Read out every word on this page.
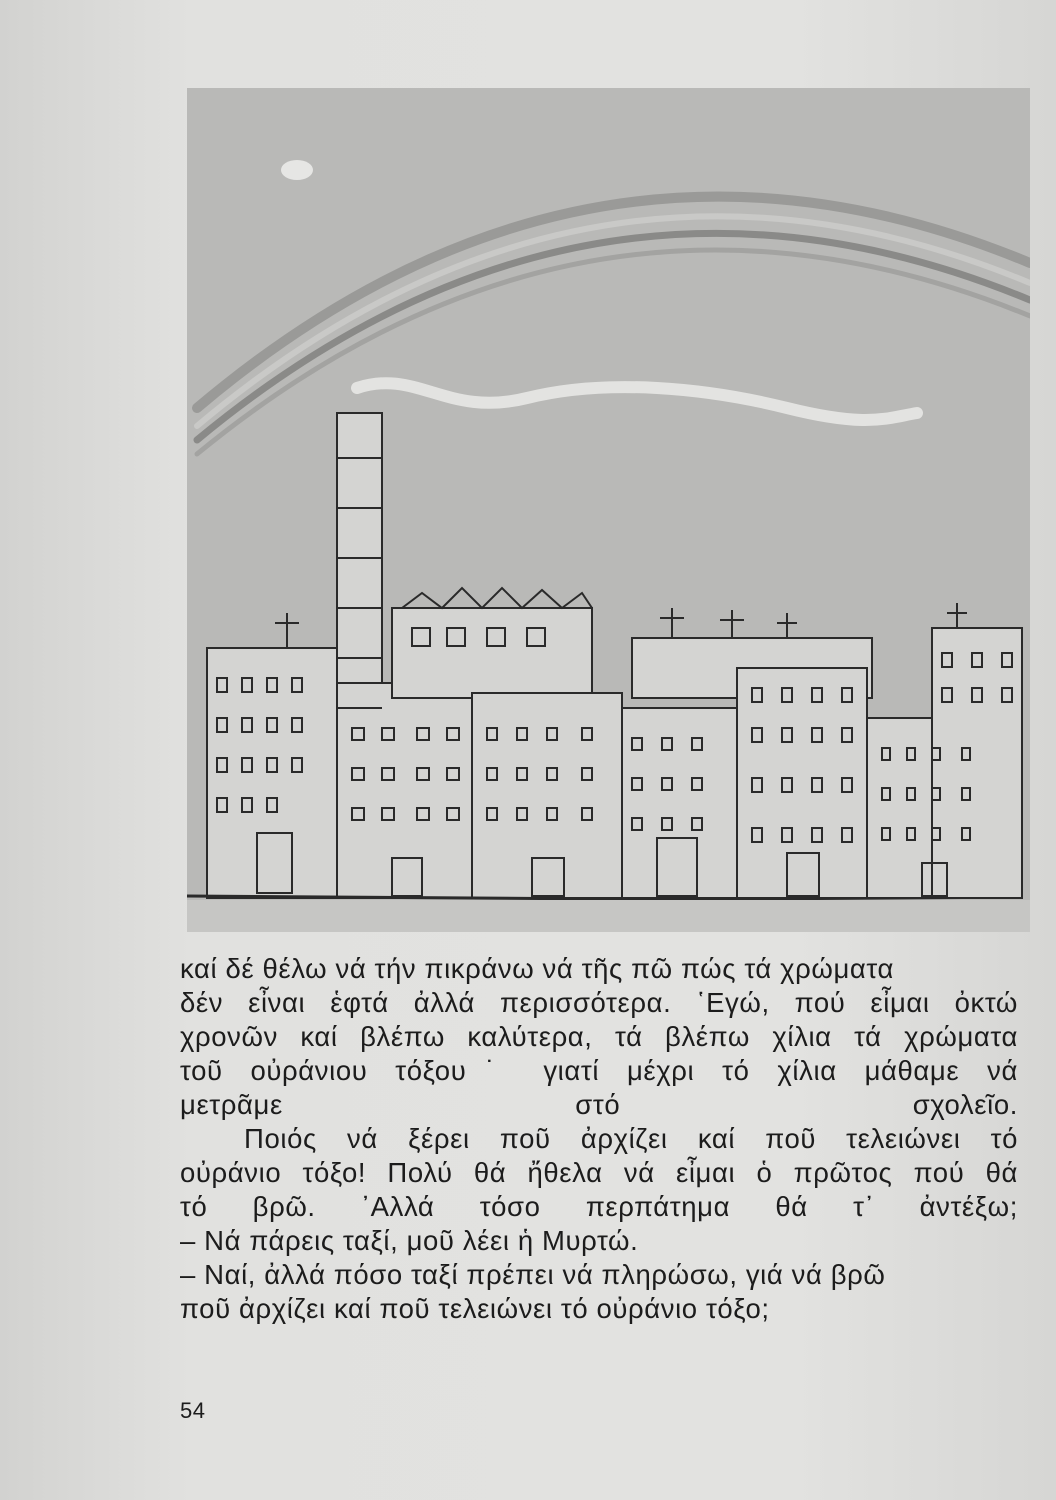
καί δέ θέλω νά τήν πικράνω νά τῆς πῶ πώς τά χρώματα
δέν εἶναι ἑφτά ἀλλά περισσότερα. ῾Εγώ, πού εἶμαι ὀκτώ
χρονῶν καί βλέπω καλύτερα, τά βλέπω χίλια τά χρώματα
τοῦ οὐράνιου τόξου˙ γιατί μέχρι τό χίλια μάθαμε νά
μετρᾶμε στό σχολεῖο.

Ποιός νά ξέρει ποῦ ἀρχίζει καί ποῦ τελειώνει τό
οὐράνιο τόξο! Πολύ θά ἤθελα νά εἶμαι ὁ πρῶτος πού θά
τό βρῶ. ᾿Αλλά τόσο περπάτημα θά τ᾿ ἀντέξω;

– Νά πάρεις ταξί, μοῦ λέει ἡ Μυρτώ.

– Ναί, ἀλλά πόσο ταξί πρέπει νά πληρώσω, γιά νά βρῶ
ποῦ ἀρχίζει καί ποῦ τελειώνει τό οὐράνιο τόξο;

54
